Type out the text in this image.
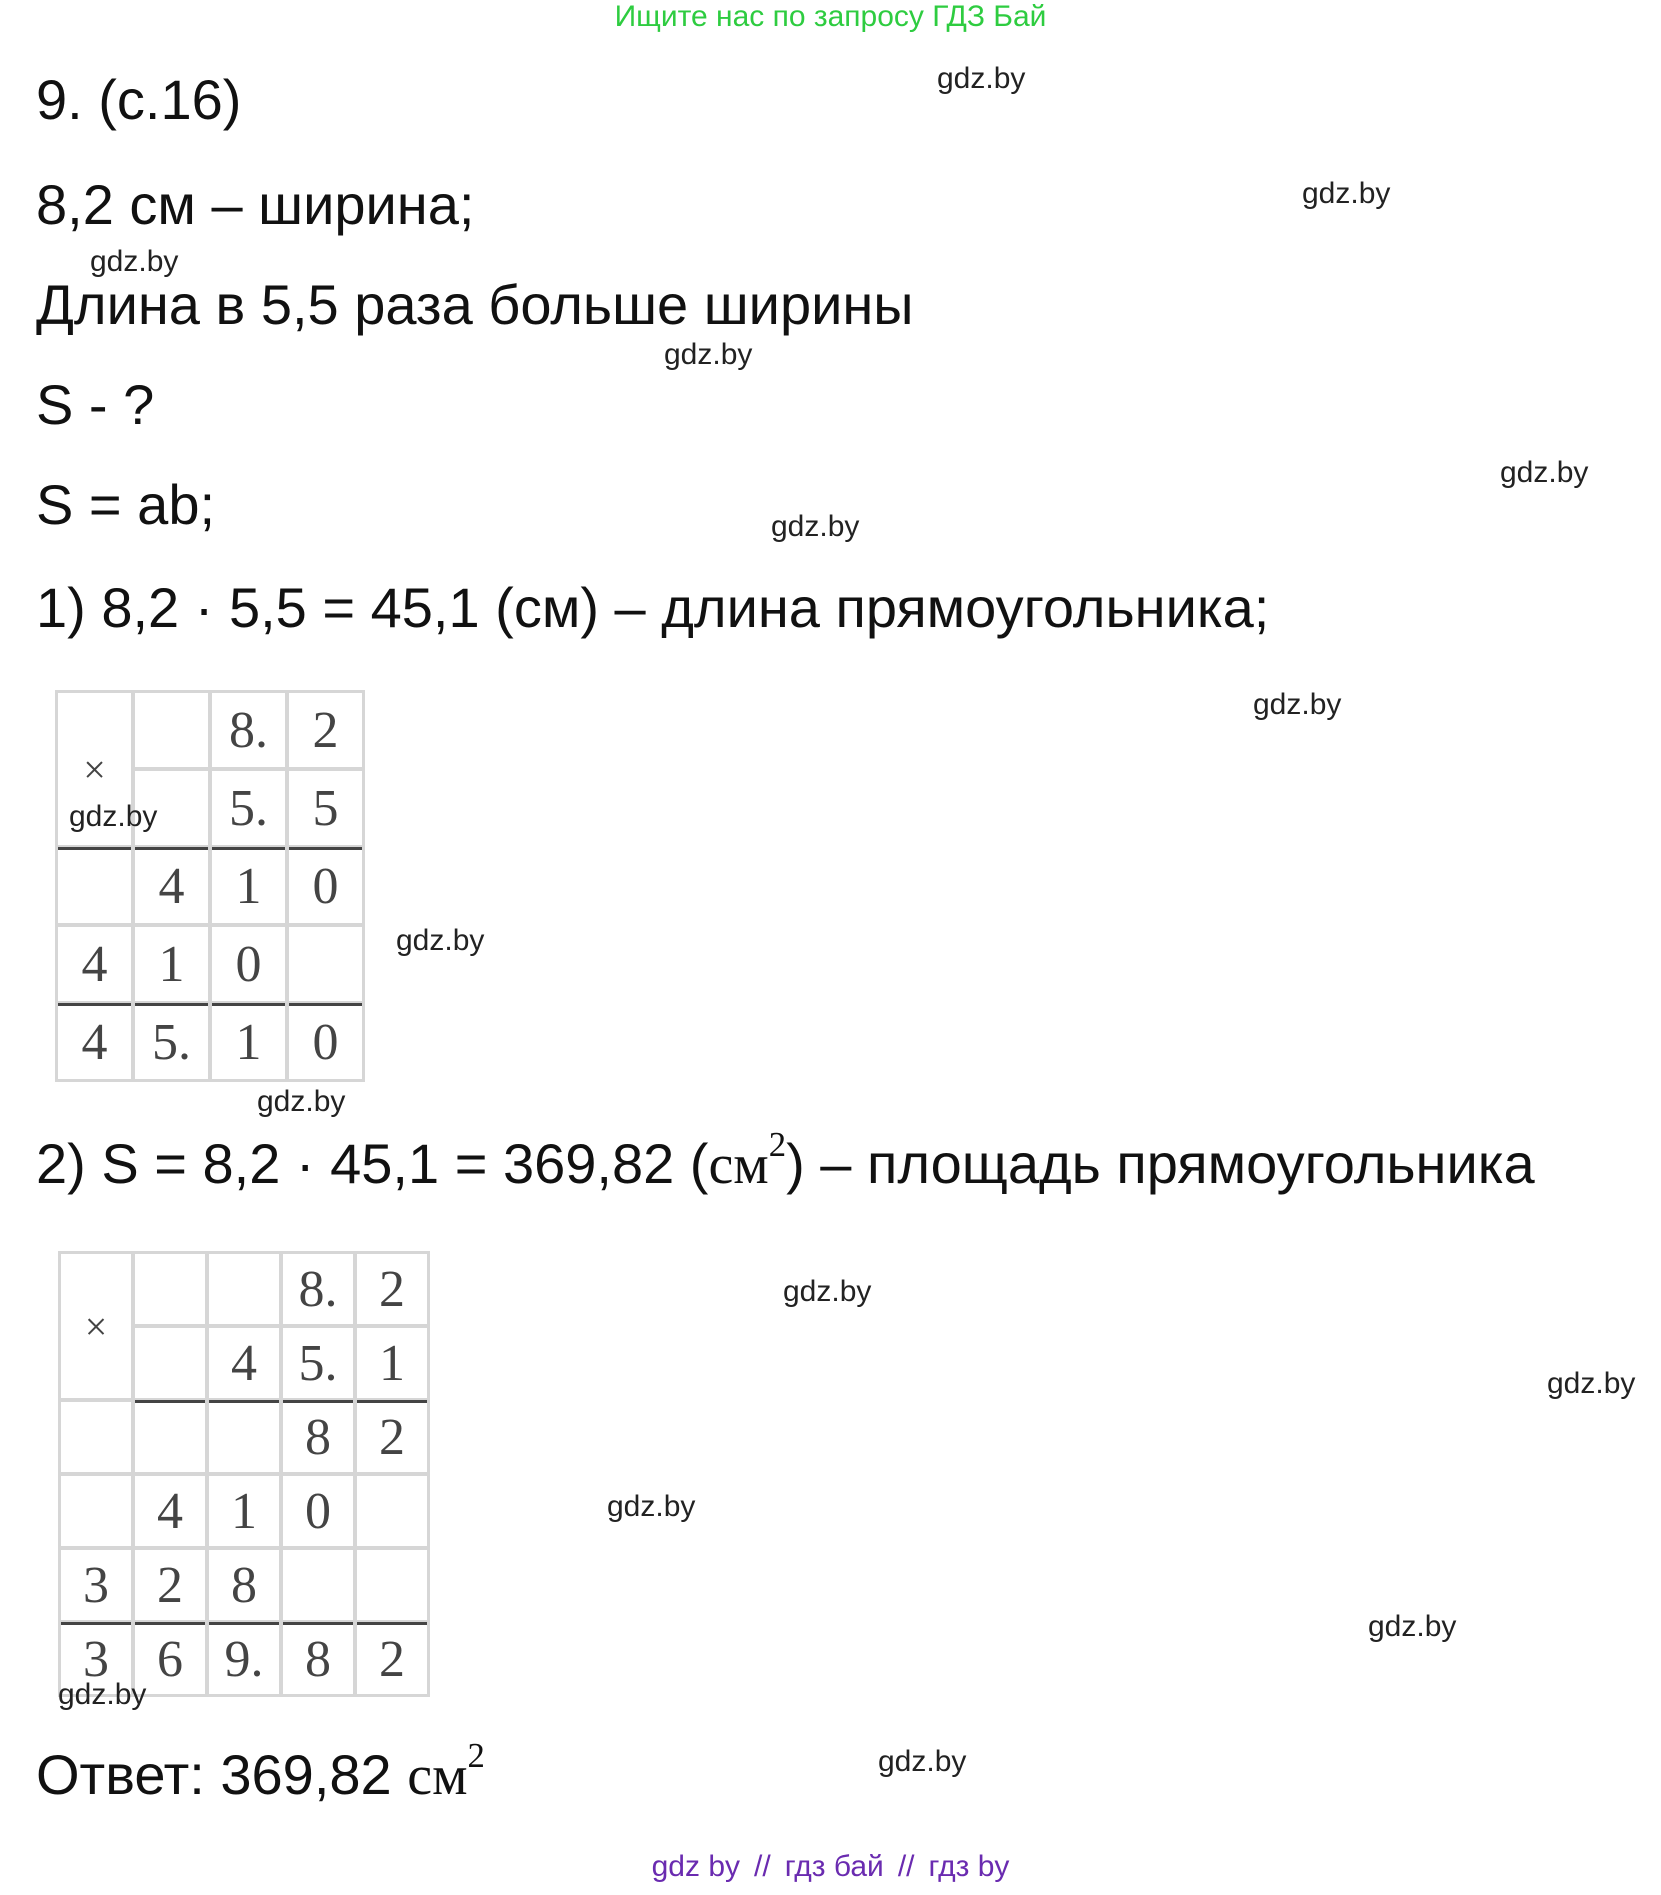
Ищите нас по запросу ГДЗ Бай
9. (с.16)
8,2 см – ширина;
Длина в 5,5 раза больше ширины
S - ?
S = ab;
1) 8,2 · 5,5 = 45,1 (см) – длина прямоугольника;
×
8. 2
5. 5
4 1 0
4 1 0
4 5. 1 0
2) S = 8,2 · 45,1 = 369,82 $(см^2)$ – площадь прямоугольника
×
8. 2
4 5. 1
8 2
4 1 0
3 2 8
3 6 9. 8 2
Ответ: 369,82 $см^2$
gdz.by
gdz.by
gdz.by
gdz.by
gdz.by
gdz.by
gdz.by
gdz.by
gdz.by
gdz.by
gdz.by
gdz.by
gdz.by
gdz.by
gdz.by
gdz.by
gdz by // гдз бай // гдз by
